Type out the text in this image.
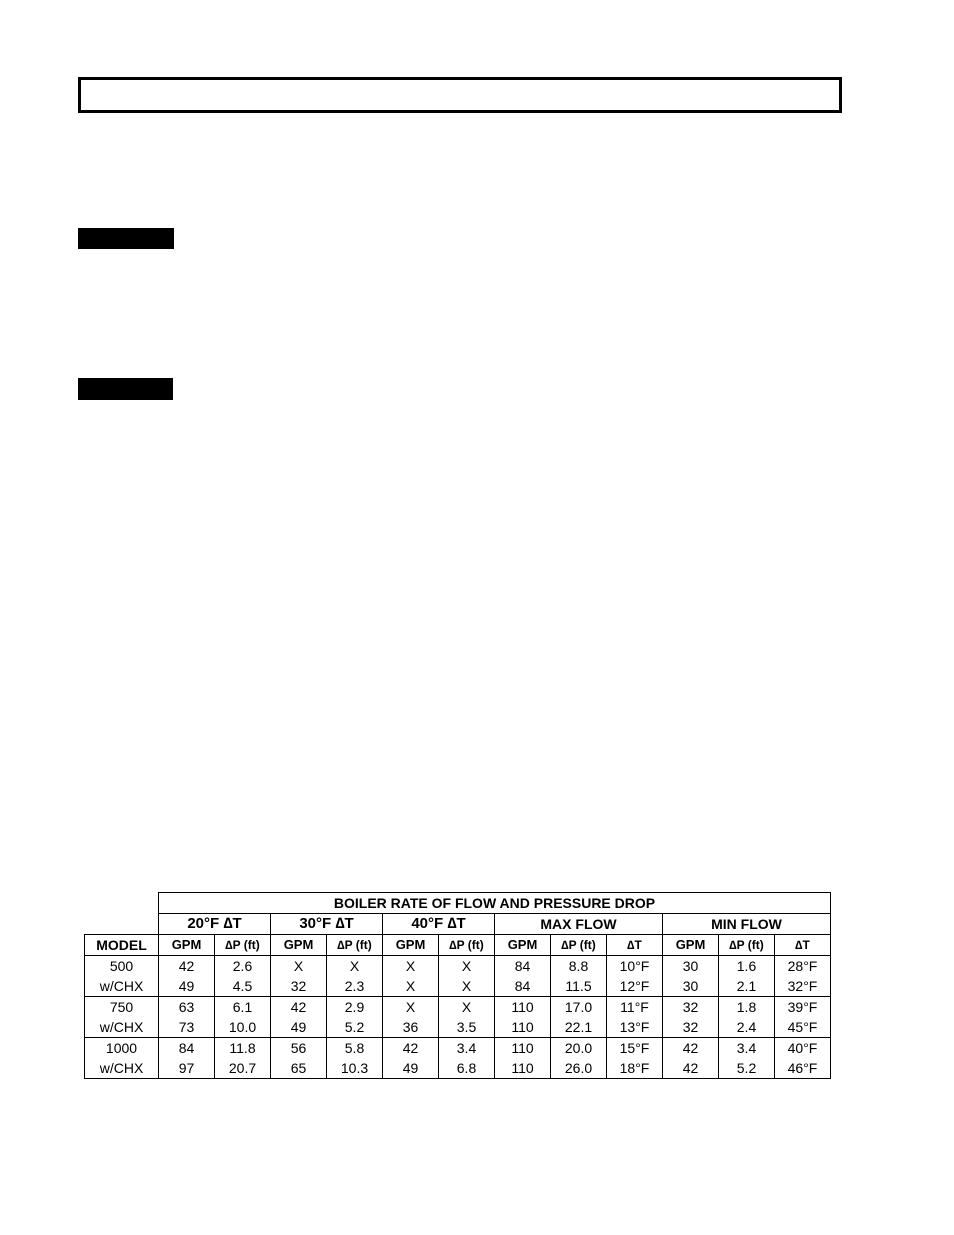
	BOILER RATE OF FLOW AND PRESSURE DROP											
	20°F ∆T		30°F ∆T		40°F ∆T		MAX FLOW			MIN FLOW		
MODEL	GPM	∆P (ft)	GPM	∆P (ft)	GPM	∆P (ft)	GPM	∆P (ft)	∆T	GPM	∆P (ft)	∆T
500	42	2.6	X	X	X	X	84	8.8	10°F	30	1.6	28°F
w/CHX	49	4.5	32	2.3	X	X	84	11.5	12°F	30	2.1	32°F
750	63	6.1	42	2.9	X	X	110	17.0	11°F	32	1.8	39°F
w/CHX	73	10.0	49	5.2	36	3.5	110	22.1	13°F	32	2.4	45°F
1000	84	11.8	56	5.8	42	3.4	110	20.0	15°F	42	3.4	40°F
w/CHX	97	20.7	65	10.3	49	6.8	110	26.0	18°F	42	5.2	46°F
